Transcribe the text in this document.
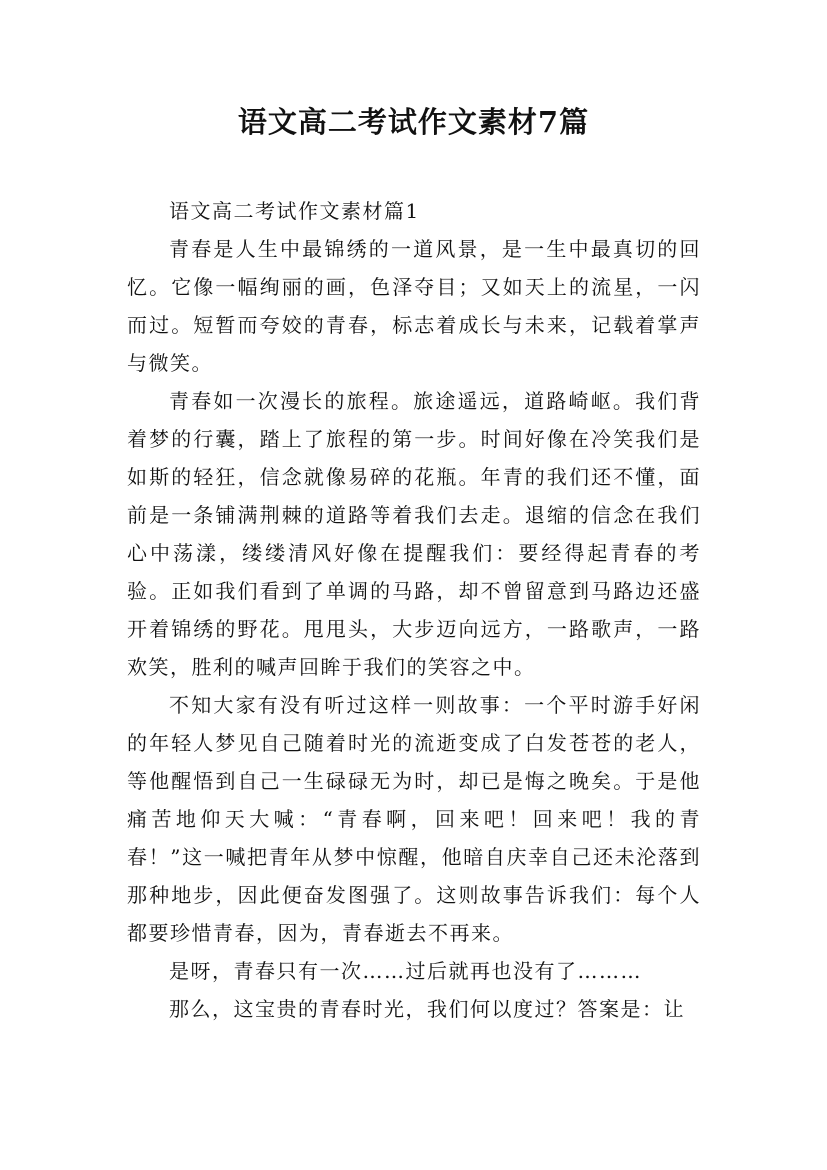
语文高二考试作文素材7篇

语文高二考试作文素材篇1

青春是人生中最锦绣的一道风景，是一生中最真切的回忆。它像一幅绚丽的画，色泽夺目；又如天上的流星，一闪而过。短暂而夸姣的青春，标志着成长与未来，记载着掌声与微笑。

青春如一次漫长的旅程。旅途遥远，道路崎岖。我们背着梦的行囊，踏上了旅程的第一步。时间好像在冷笑我们是如斯的轻狂，信念就像易碎的花瓶。年青的我们还不懂，面前是一条铺满荆棘的道路等着我们去走。退缩的信念在我们心中荡漾，缕缕清风好像在提醒我们：要经得起青春的考验。正如我们看到了单调的马路，却不曾留意到马路边还盛开着锦绣的野花。甩甩头，大步迈向远方，一路歌声，一路欢笑，胜利的喊声回眸于我们的笑容之中。

不知大家有没有听过这样一则故事：一个平时游手好闲的年轻人梦见自己随着时光的流逝变成了白发苍苍的老人，等他醒悟到自己一生碌碌无为时，却已是悔之晚矣。于是他痛苦地仰天大喊：“青春啊，回来吧！回来吧！我的青春！”这一喊把青年从梦中惊醒，他暗自庆幸自己还未沦落到那种地步，因此便奋发图强了。这则故事告诉我们：每个人都要珍惜青春，因为，青春逝去不再来。

是呀，青春只有一次……过后就再也没有了………

那么，这宝贵的青春时光，我们何以度过？答案是：让
